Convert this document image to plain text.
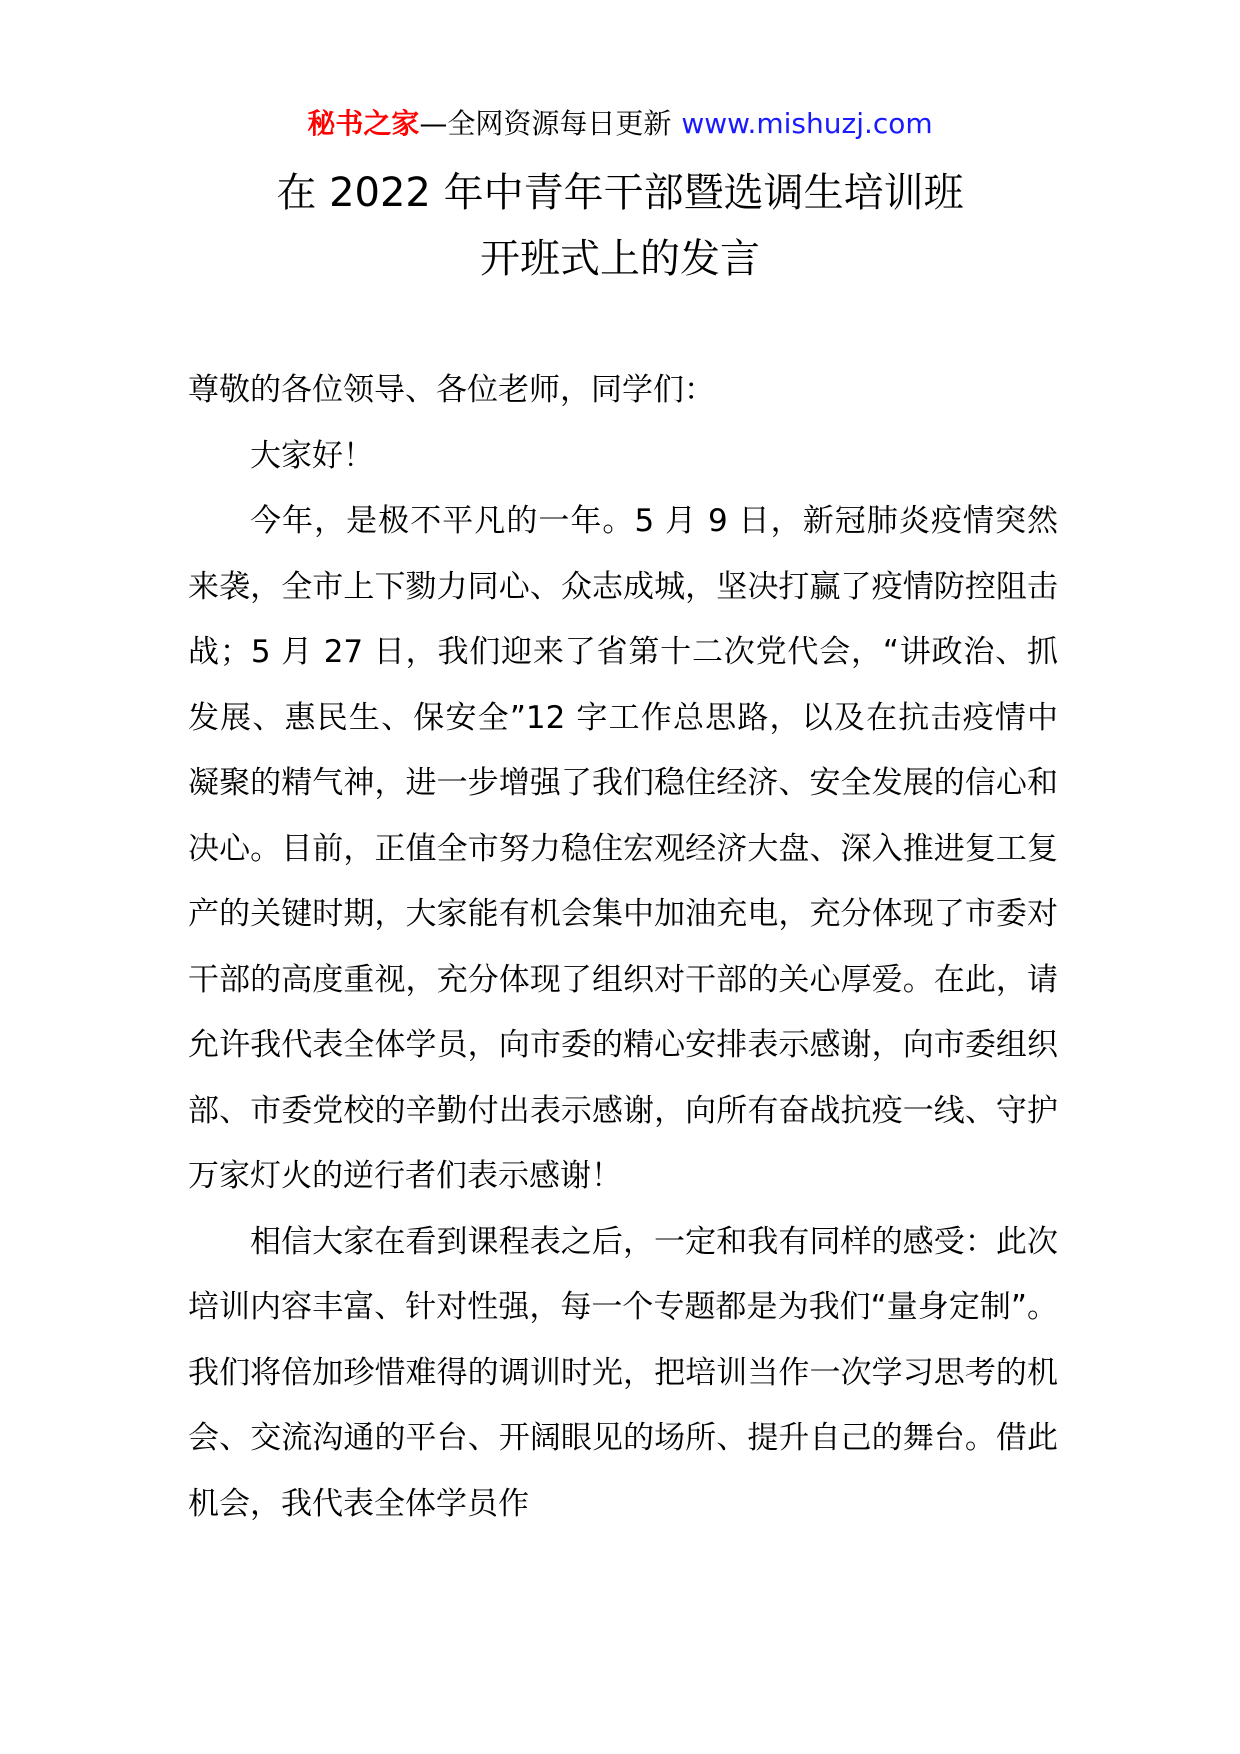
秘书之家—全网资源每日更新 www.mishuzj.com
在 2022 年中青年干部暨选调生培训班
开班式上的发言

尊敬的各位领导、各位老师，同学们：

大家好！

今年，是极不平凡的一年。5 月 9 日，新冠肺炎疫情突然来袭，全市上下勠力同心、众志成城，坚决打赢了疫情防控阻击战；5 月 27 日，我们迎来了省第十二次党代会，“讲政治、抓发展、惠民生、保安全”12 字工作总思路，以及在抗击疫情中凝聚的精气神，进一步增强了我们稳住经济、安全发展的信心和决心。目前，正值全市努力稳住宏观经济大盘、深入推进复工复产的关键时期，大家能有机会集中加油充电，充分体现了市委对干部的高度重视，充分体现了组织对干部的关心厚爱。在此，请允许我代表全体学员，向市委的精心安排表示感谢，向市委组织部、市委党校的辛勤付出表示感谢，向所有奋战抗疫一线、守护万家灯火的逆行者们表示感谢！

相信大家在看到课程表之后，一定和我有同样的感受：此次培训内容丰富、针对性强，每一个专题都是为我们“量身定制”。我们将倍加珍惜难得的调训时光，把培训当作一次学习思考的机会、交流沟通的平台、开阔眼见的场所、提升自己的舞台。借此机会，我代表全体学员作
